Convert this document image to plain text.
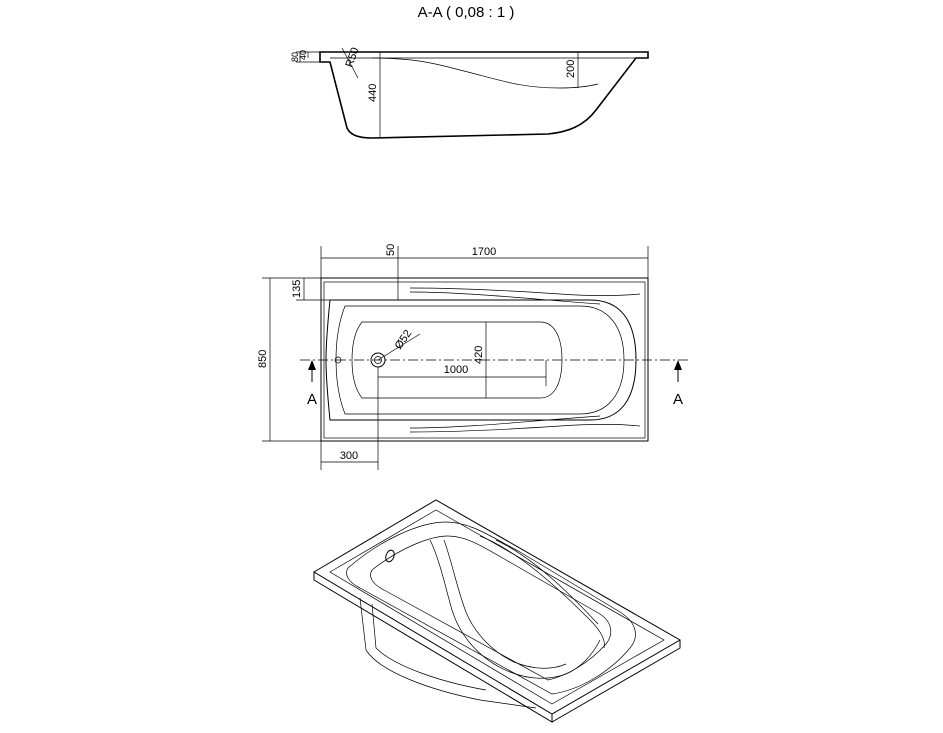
A-A ( 0,08 : 1 )
R50
80
40
440
200
Ø52
1700
50
135
850	420
1000
300
A	A
